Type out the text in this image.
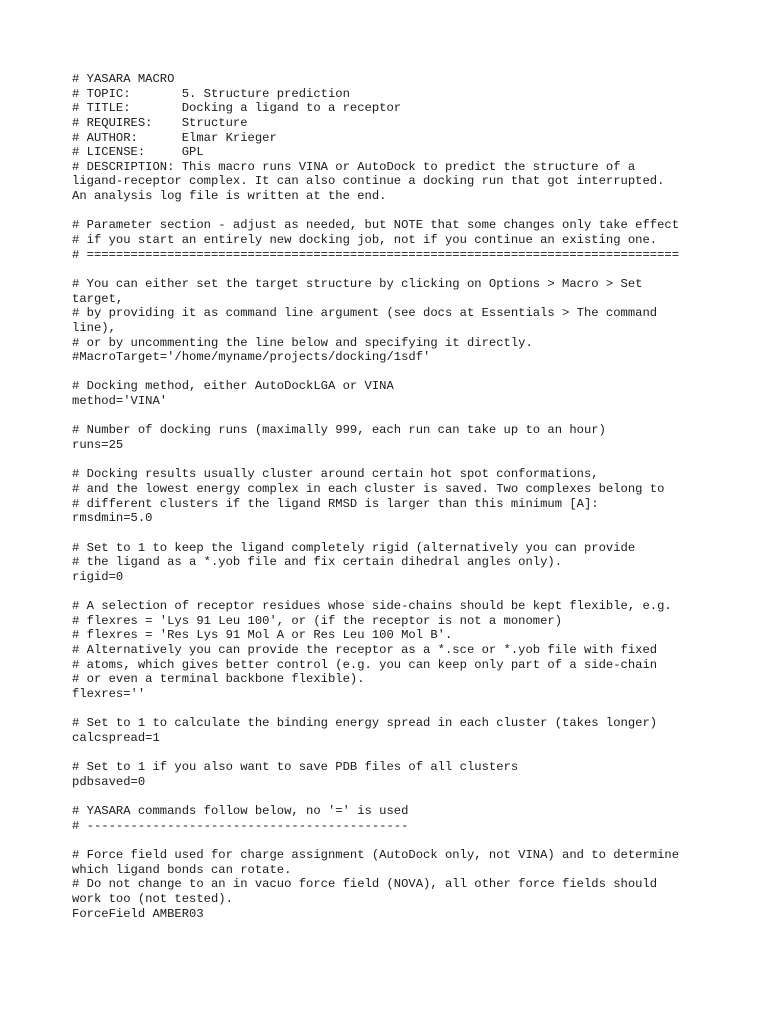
# YASARA MACRO
# TOPIC:       5. Structure prediction
# TITLE:       Docking a ligand to a receptor
# REQUIRES:    Structure
# AUTHOR:      Elmar Krieger
# LICENSE:     GPL
# DESCRIPTION: This macro runs VINA or AutoDock to predict the structure of a
ligand-receptor complex. It can also continue a docking run that got interrupted.
An analysis log file is written at the end.
# Parameter section - adjust as needed, but NOTE that some changes only take effect
# if you start an entirely new docking job, not if you continue an existing one.
# =================================================================================
# You can either set the target structure by clicking on Options > Macro > Set
target,
# by providing it as command line argument (see docs at Essentials > The command
line),
# or by uncommenting the line below and specifying it directly.
#MacroTarget='/home/myname/projects/docking/1sdf'
# Docking method, either AutoDockLGA or VINA
method='VINA'
# Number of docking runs (maximally 999, each run can take up to an hour)
runs=25
# Docking results usually cluster around certain hot spot conformations,
# and the lowest energy complex in each cluster is saved. Two complexes belong to
# different clusters if the ligand RMSD is larger than this minimum [A]:
rmsdmin=5.0
# Set to 1 to keep the ligand completely rigid (alternatively you can provide
# the ligand as a *.yob file and fix certain dihedral angles only).
rigid=0
# A selection of receptor residues whose side-chains should be kept flexible, e.g.
# flexres = 'Lys 91 Leu 100', or (if the receptor is not a monomer)
# flexres = 'Res Lys 91 Mol A or Res Leu 100 Mol B'.
# Alternatively you can provide the receptor as a *.sce or *.yob file with fixed
# atoms, which gives better control (e.g. you can keep only part of a side-chain
# or even a terminal backbone flexible).
flexres=''
# Set to 1 to calculate the binding energy spread in each cluster (takes longer)
calcspread=1
# Set to 1 if you also want to save PDB files of all clusters
pdbsaved=0
# YASARA commands follow below, no '=' is used
# --------------------------------------------
# Force field used for charge assignment (AutoDock only, not VINA) and to determine
which ligand bonds can rotate.
# Do not change to an in vacuo force field (NOVA), all other force fields should
work too (not tested).
ForceField AMBER03
